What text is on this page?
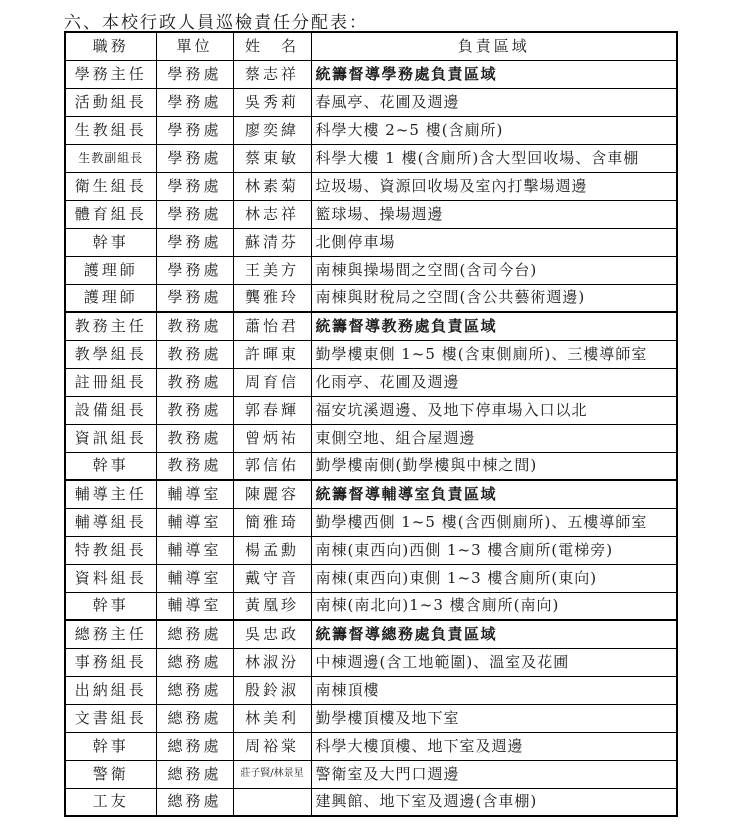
六、本校行政人員巡檢責任分配表：
職務	單位	姓　名	負責區域
學務主任	學務處	蔡志祥	統籌督導學務處負責區域
活動組長	學務處	吳秀莉	春風亭、花圃及週邊
生教組長	學務處	廖奕緯	科學大樓 2~5 樓(含廁所)
生教副組長	學務處	蔡東敏	科學大樓 1 樓(含廁所)含大型回收場、含車棚
衛生組長	學務處	林素菊	垃圾場、資源回收場及室內打擊場週邊
體育組長	學務處	林志祥	籃球場、操場週邊
幹事	學務處	蘇清芬	北側停車場
護理師	學務處	王美方	南棟與操場間之空間(含司今台)
護理師	學務處	龔雅玲	南棟與財稅局之空間(含公共藝術週邊)
教務主任	教務處	蕭怡君	統籌督導教務處負責區域
教學組長	教務處	許暉東	勤學樓東側 1~5 樓(含東側廁所)、三樓導師室
註冊組長	教務處	周育信	化雨亭、花圃及週邊
設備組長	教務處	郭春輝	福安坑溪週邊、及地下停車場入口以北
資訊組長	教務處	曾炳祐	東側空地、組合屋週邊
幹事	教務處	郭信佑	勤學樓南側(勤學樓與中棟之間)
輔導主任	輔導室	陳麗容	統籌督導輔導室負責區域
輔導組長	輔導室	簡雅琦	勤學樓西側 1~5 樓(含西側廁所)、五樓導師室
特教組長	輔導室	楊孟勳	南棟(東西向)西側 1~3 樓含廁所(電梯旁)
資料組長	輔導室	戴守音	南棟(東西向)東側 1~3 樓含廁所(東向)
幹事	輔導室	黃凰珍	南棟(南北向)1~3 樓含廁所(南向)
總務主任	總務處	吳忠政	統籌督導總務處負責區域
事務組長	總務處	林淑汾	中棟週邊(含工地範圍)、溫室及花圃
出納組長	總務處	殷鈴淑	南棟頂樓
文書組長	總務處	林美利	勤學樓頂樓及地下室
幹事	總務處	周裕棠	科學大樓頂樓、地下室及週邊
警衛	總務處	莊子賢/林景星	警衛室及大門口週邊
工友	總務處		建興館、地下室及週邊(含車棚)
